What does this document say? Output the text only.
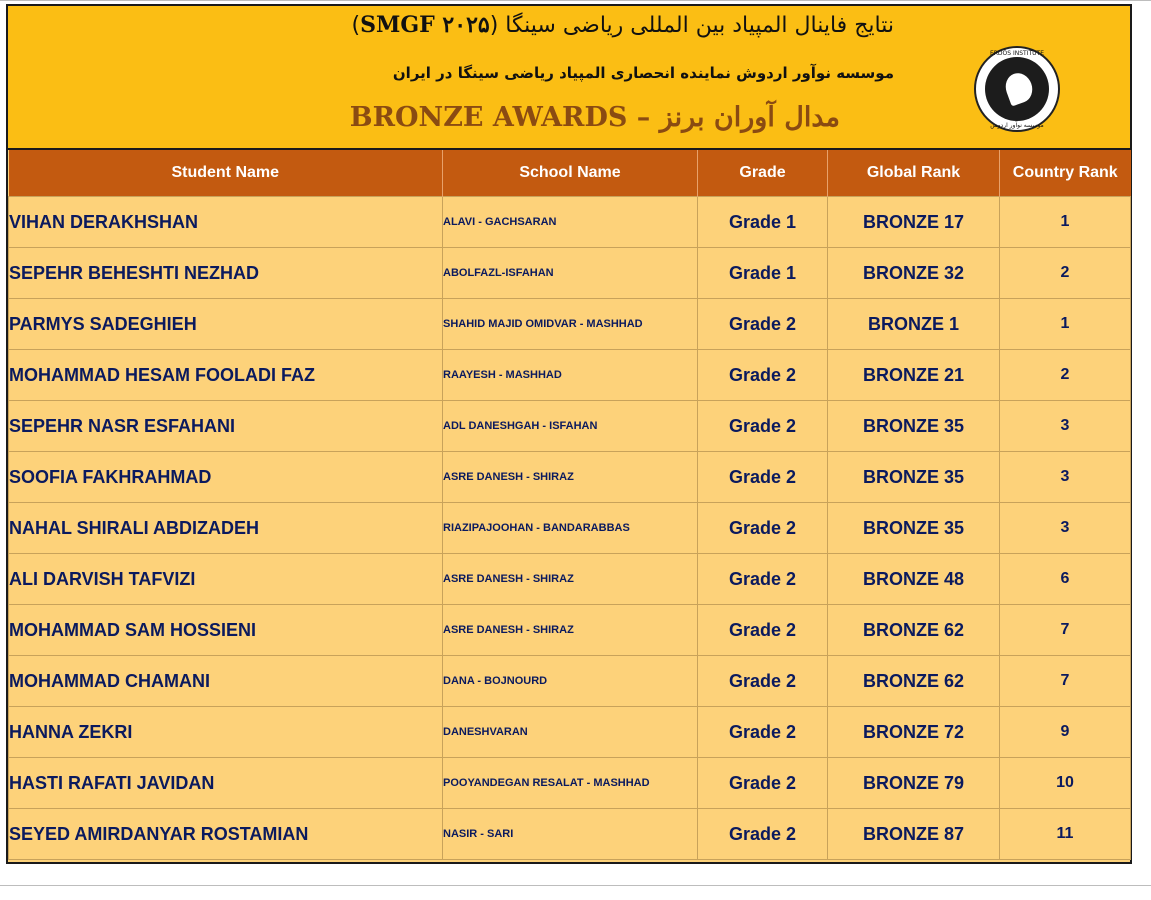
نتایج فاینال المپیاد بین المللی ریاضی سینگا (SMGF ۲۰۲۵)
موسسه نوآور اردوش نماینده انحصاری المپیاد ریاضی سینگا در ایران
مدال آوران برنز – BRONZE AWARDS
ERDŐS INSTITUTE
موسسه نوآور اردوش
Student Name	School Name	Grade	Global Rank	Country Rank
VIHAN DERAKHSHAN	ALAVI - GACHSARAN	Grade 1	BRONZE 17	1
SEPEHR BEHESHTI NEZHAD	ABOLFAZL-ISFAHAN	Grade 1	BRONZE 32	2
PARMYS SADEGHIEH	SHAHID MAJID OMIDVAR - MASHHAD	Grade 2	BRONZE 1	1
MOHAMMAD HESAM FOOLADI FAZ	RAAYESH - MASHHAD	Grade 2	BRONZE 21	2
SEPEHR NASR ESFAHANI	ADL DANESHGAH - ISFAHAN	Grade 2	BRONZE 35	3
SOOFIA FAKHRAHMAD	ASRE DANESH - SHIRAZ	Grade 2	BRONZE 35	3
NAHAL SHIRALI ABDIZADEH	RIAZIPAJOOHAN - BANDARABBAS	Grade 2	BRONZE 35	3
ALI DARVISH TAFVIZI	ASRE DANESH - SHIRAZ	Grade 2	BRONZE 48	6
MOHAMMAD SAM HOSSIENI	ASRE DANESH - SHIRAZ	Grade 2	BRONZE 62	7
MOHAMMAD CHAMANI	DANA - BOJNOURD	Grade 2	BRONZE 62	7
HANNA ZEKRI	DANESHVARAN	Grade 2	BRONZE 72	9
HASTI RAFATI JAVIDAN	POOYANDEGAN RESALAT - MASHHAD	Grade 2	BRONZE 79	10
SEYED AMIRDANYAR ROSTAMIAN	NASIR - SARI	Grade 2	BRONZE 87	11
